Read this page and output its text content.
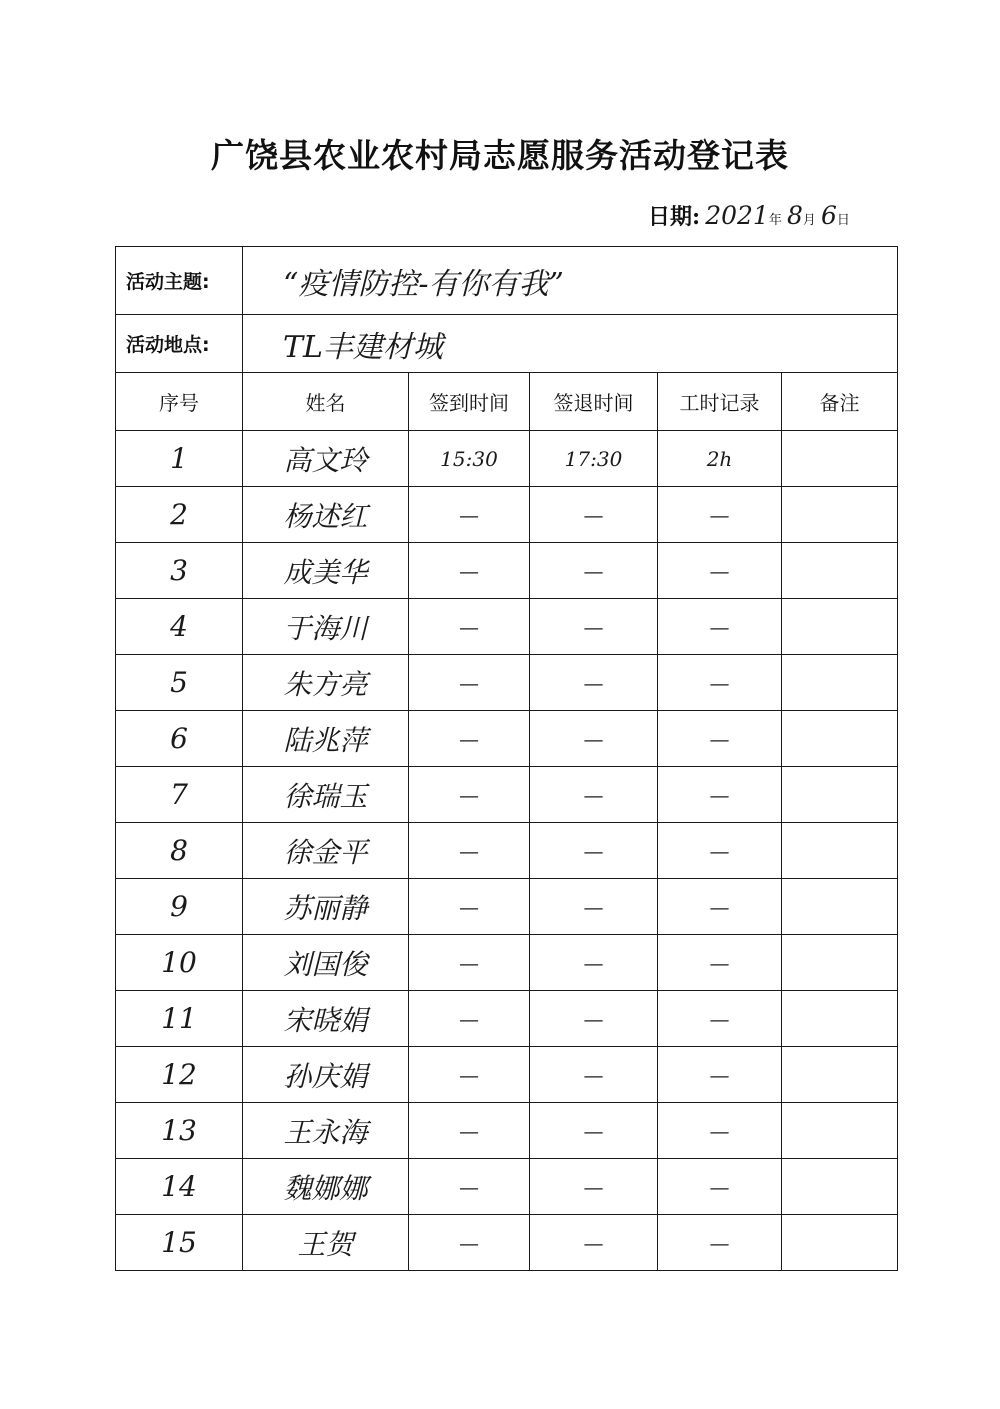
广饶县农业农村局志愿服务活动登记表
日期: 2021年 8月 6日
活动主题:	“疫情防控-有你有我”				
活动地点:	TL丰建材城				
序号	姓名	签到时间	签退时间	工时记录	备注
1	高文玲	15:30	17:30	2h	
2	杨述红	—	—	—	
3	成美华	—	—	—	
4	于海川	—	—	—	
5	朱方亮	—	—	—	
6	陆兆萍	—	—	—	
7	徐瑞玉	—	—	—	
8	徐金平	—	—	—	
9	苏丽静	—	—	—	
10	刘国俊	—	—	—	
11	宋晓娟	—	—	—	
12	孙庆娟	—	—	—	
13	王永海	—	—	—	
14	魏娜娜	—	—	—	
15	王贺	—	—	—	
